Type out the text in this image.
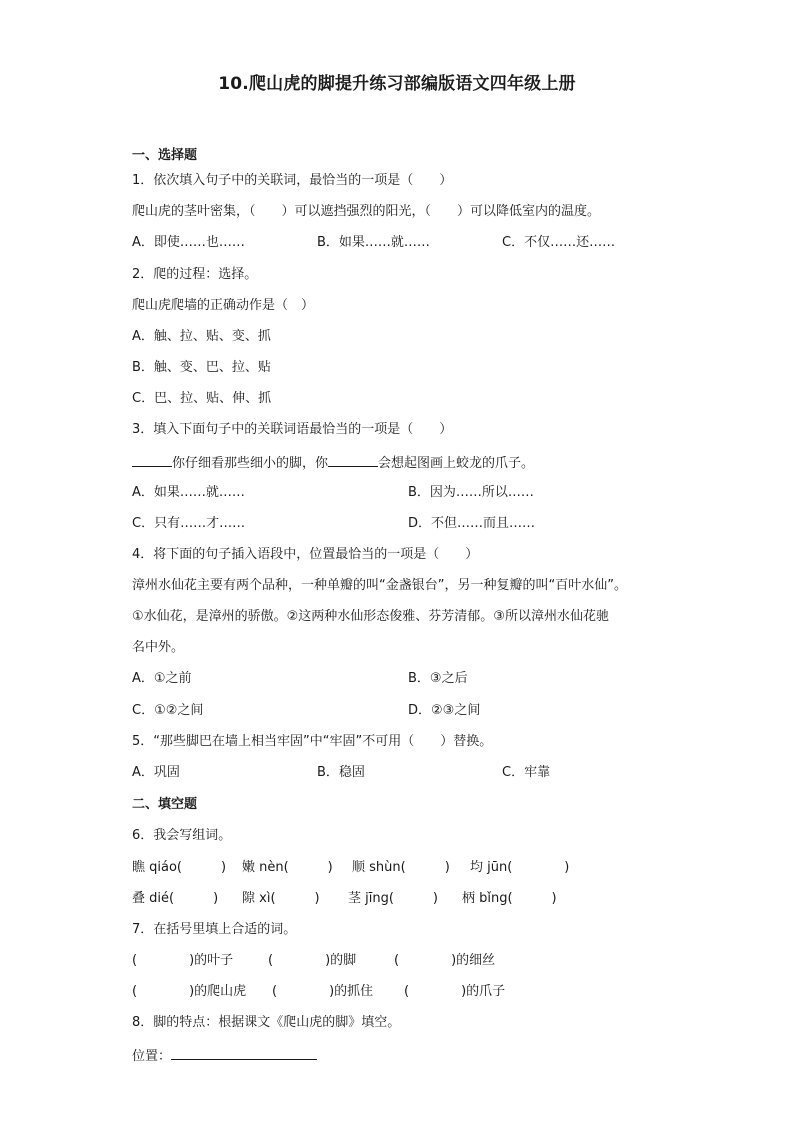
10.爬山虎的脚提升练习部编版语文四年级上册
一、选择题
1．依次填入句子中的关联词，最恰当的一项是（　　）
爬山虎的茎叶密集，（　　）可以遮挡强烈的阳光，（　　）可以降低室内的温度。
A．即使……也……	B．如果……就……	C．不仅……还……
2．爬的过程：选择。
爬山虎爬墙的正确动作是（　）
A．触、拉、贴、变、抓
B．触、变、巴、拉、贴
C．巴、拉、贴、伸、抓
3．填入下面句子中的关联词语最恰当的一项是（　　）
你仔细看那些细小的脚，你	会想起图画上蛟龙的爪子。
A．如果……就……	B．因为……所以……
C．只有……才……	D．不但……而且……
4．将下面的句子插入语段中，位置最恰当的一项是（　　）
漳州水仙花主要有两个品种，一种单瓣的叫“金盏银台”，另一种复瓣的叫“百叶水仙”。
①水仙花，是漳州的骄傲。②这两种水仙形态俊雅、芬芳清郁。③所以漳州水仙花驰
名中外。
A．①之前	B．③之后
C．①②之间	D．②③之间
5．“那些脚巴在墙上相当牢固”中“牢固”不可用（　　）替换。
A．巩固	B．稳固	C．牢靠
二、填空题
6．我会写组词。
瞧 qiáo(　　　) 嫩 nèn(　　　) 顺 shùn(　　　) 均 jūn(　　　　)
叠 dié(　　　) 隙 xì(　　　) 茎 jīng(　　　) 柄 bǐng(　　　)
7．在括号里填上合适的词。
(　　　　)的叶子	(　　　　)的脚	(　　　　)的细丝
(　　　　)的爬山虎 (　　　　)的抓住 (　　　　)的爪子
8．脚的特点：根据课文《爬山虎的脚》填空。
位置：
